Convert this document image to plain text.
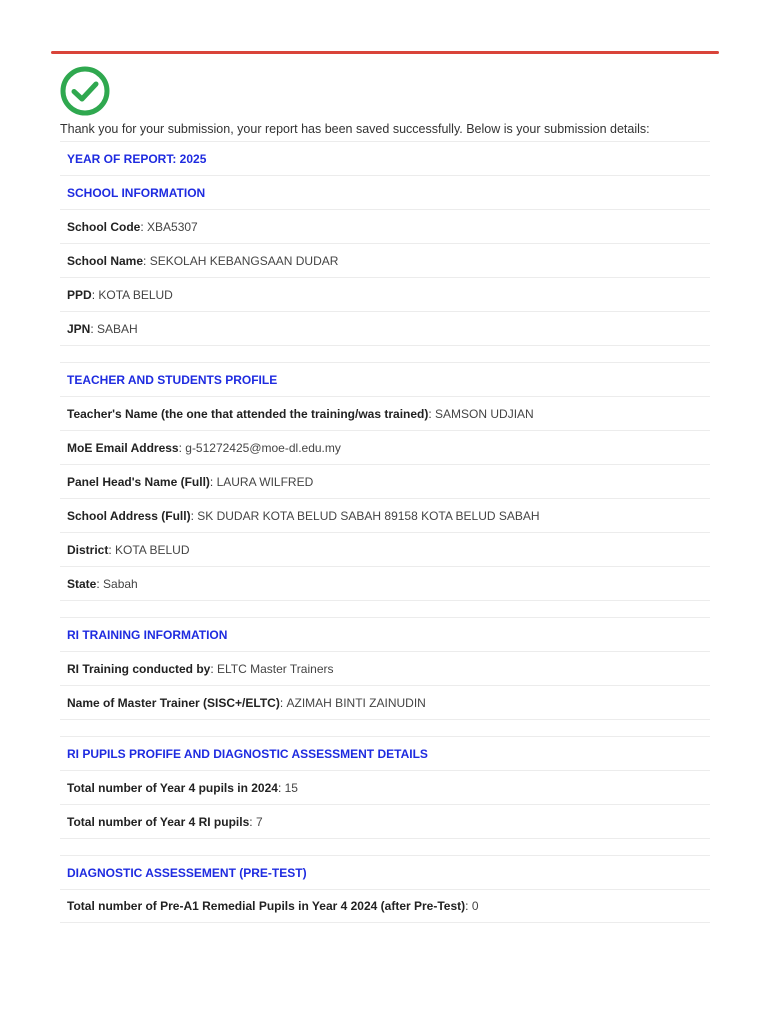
Thank you for your submission, your report has been saved successfully. Below is your submission details:
YEAR OF REPORT: 2025
SCHOOL INFORMATION
School Code : XBA5307
School Name : SEKOLAH KEBANGSAAN DUDAR
PPD : KOTA BELUD
JPN : SABAH
TEACHER AND STUDENTS PROFILE
Teacher's Name (the one that attended the training/was trained) : SAMSON UDJIAN
MoE Email Address : g-51272425@moe-dl.edu.my
Panel Head's Name (Full) : LAURA WILFRED
School Address (Full) : SK DUDAR KOTA BELUD SABAH 89158 KOTA BELUD SABAH
District : KOTA BELUD
State : Sabah
RI TRAINING INFORMATION
RI Training conducted by : ELTC Master Trainers
Name of Master Trainer (SISC+/ELTC) : AZIMAH BINTI ZAINUDIN
RI PUPILS PROFIFE AND DIAGNOSTIC ASSESSMENT DETAILS
Total number of Year 4 pupils in 2024 : 15
Total number of Year 4 RI pupils : 7
DIAGNOSTIC ASSESSEMENT (PRE-TEST)
Total number of Pre-A1 Remedial Pupils in Year 4 2024 (after Pre-Test) : 0
